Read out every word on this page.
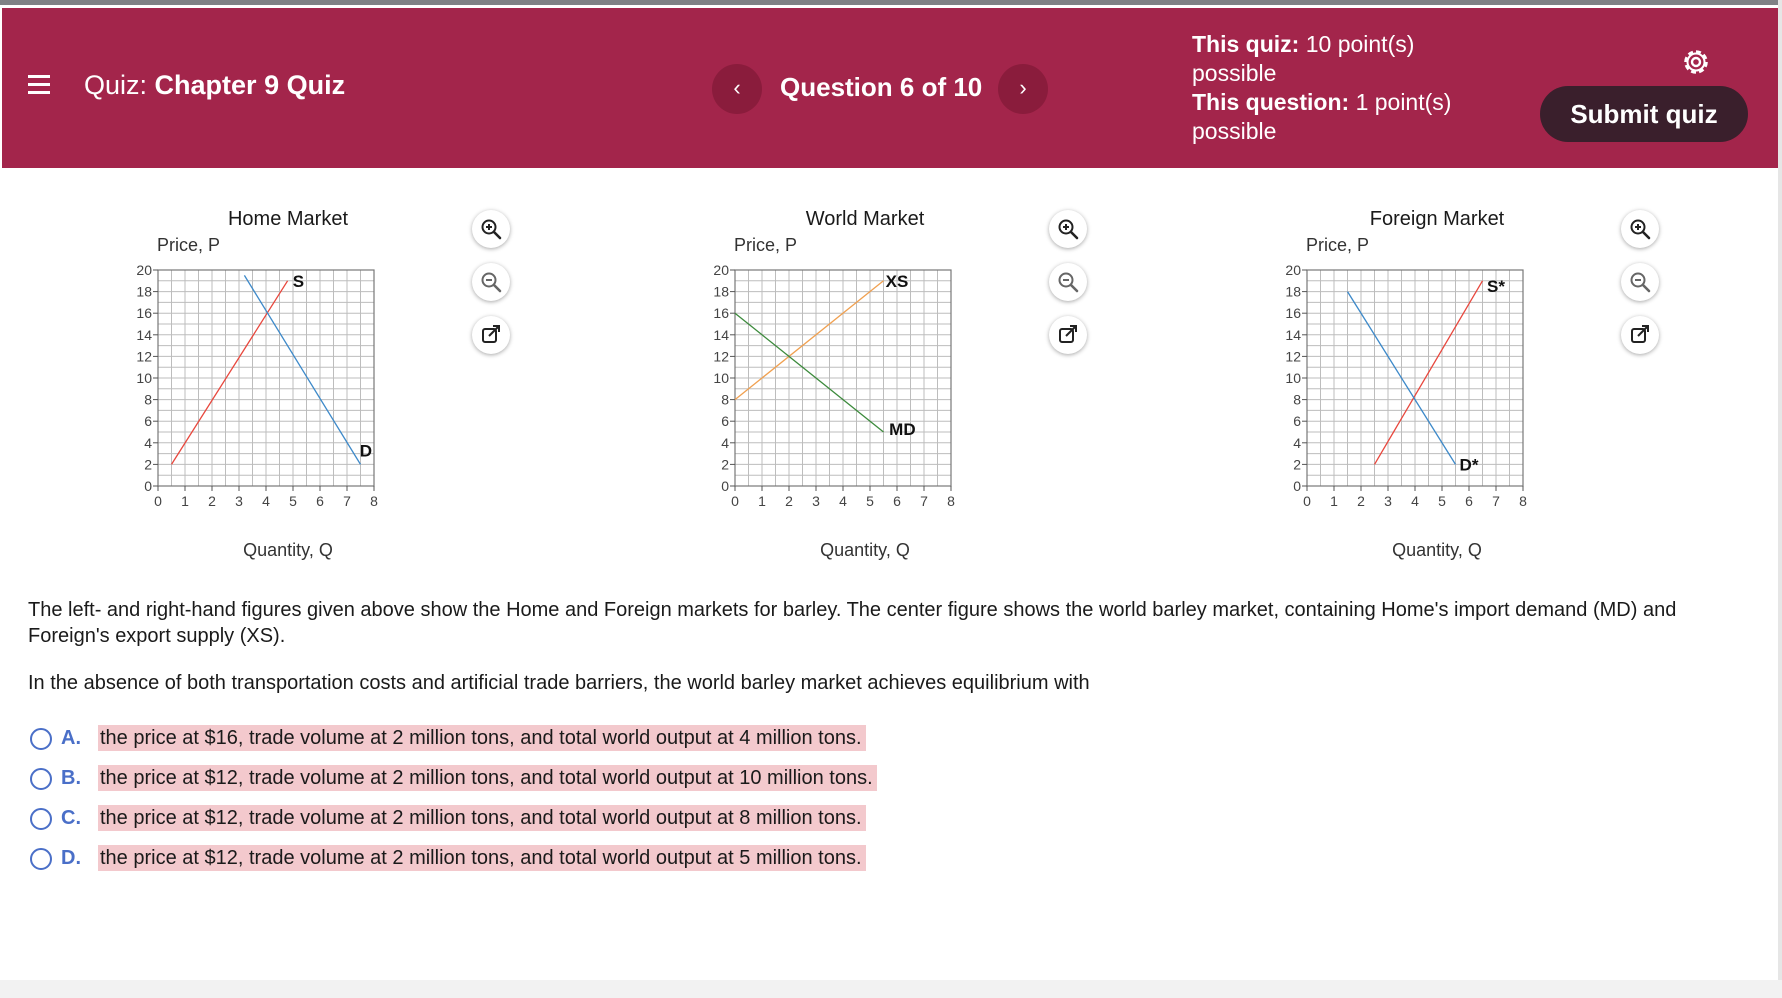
Quiz: Chapter 9 Quiz	‹	Question 6 of 10	›
This quiz: 10 point(s) possible
This question: 1 point(s) possible
Submit quiz
Home Market
Price, P
0
2
4
6
8
10
12
14
16
18
20
0 1 2 3 4 5 6 7 8
S
D
Quantity, Q
World Market
Price, P
0
2
4
6
8
10
12
14
16
18
20
0 1 2 3 4 5 6 7 8
XS
MD
Quantity, Q
Foreign Market
Price, P
0
2
4
6
8
10
12
14
16
18
20
0 1 2 3 4 5 6 7 8
S*
D*
Quantity, Q
The left- and right-hand figures given above show the Home and Foreign markets for barley. The center figure shows the world barley market, containing Home's import demand (MD) and Foreign's export supply (XS).
In the absence of both transportation costs and artificial trade barriers, the world barley market achieves equilibrium with
A. the price at $16, trade volume at 2 million tons, and total world output at 4 million tons.
B. the price at $12, trade volume at 2 million tons, and total world output at 10 million tons.
C. the price at $12, trade volume at 2 million tons, and total world output at 8 million tons.
D. the price at $12, trade volume at 2 million tons, and total world output at 5 million tons.
